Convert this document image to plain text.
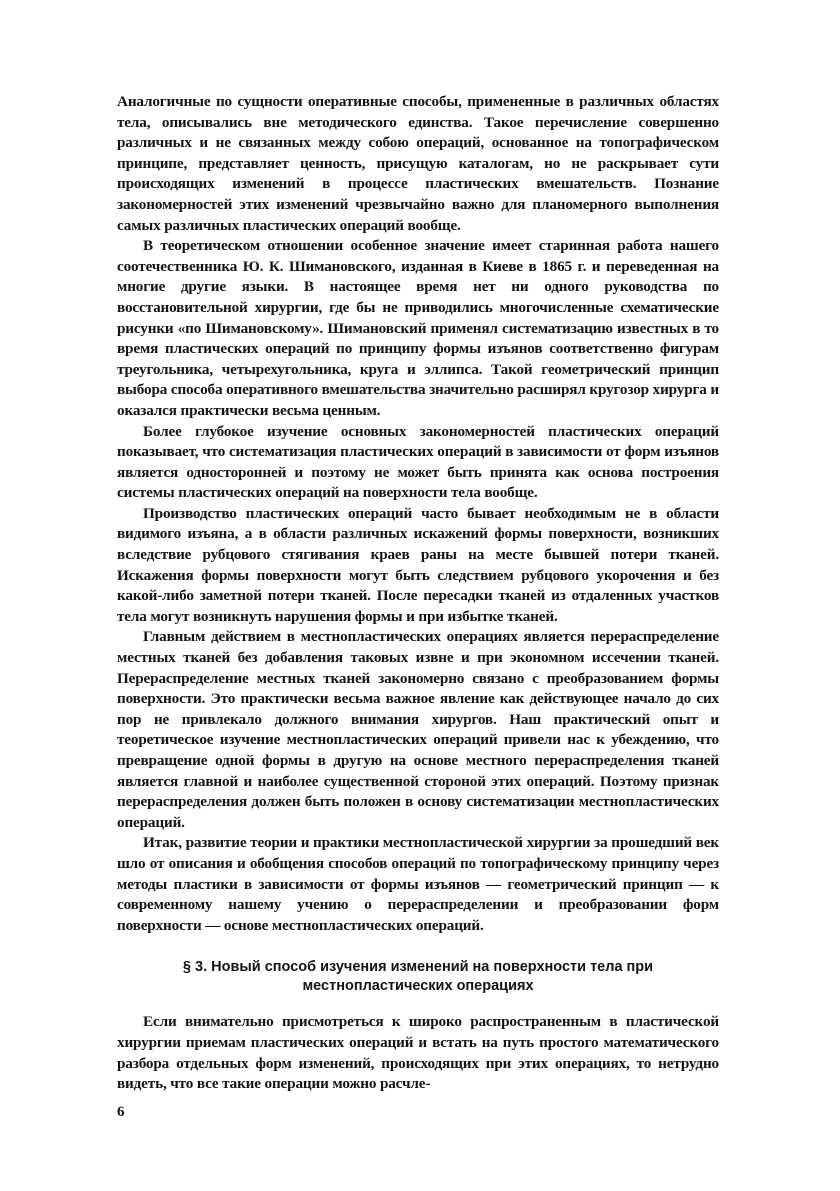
Аналогичные по сущности оперативные способы, примененные в различных областях тела, описывались вне методического единства. Такое перечисление совершенно различных и не связанных между собою операций, основанное на топографическом принципе, представляет ценность, присущую каталогам, но не раскрывает сути происходящих изменений в процессе пластических вмешательств. Познание закономерностей этих изменений чрезвычайно важно для планомерного выполнения самых различных пластических операций вообще.

В теоретическом отношении особенное значение имеет старинная работа нашего соотечественника Ю. К. Шимановского, изданная в Киеве в 1865 г. и переведенная на многие другие языки. В настоящее время нет ни одного руководства по восстановительной хирургии, где бы не приводились многочисленные схематические рисунки «по Шимановскому». Шимановский применял систематизацию известных в то время пластических операций по принципу формы изъянов соответственно фигурам треугольника, четырехугольника, круга и эллипса. Такой геометрический принцип выбора способа оперативного вмешательства значительно расширял кругозор хирурга и оказался практически весьма ценным.

Более глубокое изучение основных закономерностей пластических операций показывает, что систематизация пластических операций в зависимости от форм изъянов является односторонней и поэтому не может быть принята как основа построения системы пластических операций на поверхности тела вообще.

Производство пластических операций часто бывает необходимым не в области видимого изъяна, а в области различных искажений формы поверхности, возникших вследствие рубцового стягивания краев раны на месте бывшей потери тканей. Искажения формы поверхности могут быть следствием рубцового укорочения и без какой-либо заметной потери тканей. После пересадки тканей из отдаленных участков тела могут возникнуть нарушения формы и при избытке тканей.

Главным действием в местнопластических операциях является перераспределение местных тканей без добавления таковых извне и при экономном иссечении тканей. Перераспределение местных тканей закономерно связано с преобразованием формы поверхности. Это практически весьма важное явление как действующее начало до сих пор не привлекало должного внимания хирургов. Наш практический опыт и теоретическое изучение местнопластических операций привели нас к убеждению, что превращение одной формы в другую на основе местного перераспределения тканей является главной и наиболее существенной стороной этих операций. Поэтому признак перераспределения должен быть положен в основу систематизации местнопластических операций.

Итак, развитие теории и практики местнопластической хирургии за прошедший век шло от описания и обобщения способов операций по топографическому принципу через методы пластики в зависимости от формы изъянов — геометрический принцип — к современному нашему учению о перераспределении и преобразовании форм поверхности — основе местнопластических операций.

§ 3. Новый способ изучения изменений на поверхности тела при местнопластических операциях

Если внимательно присмотреться к широко распространенным в пластической хирургии приемам пластических операций и встать на путь простого математического разбора отдельных форм изменений, происходящих при этих операциях, то нетрудно видеть, что все такие операции можно расчле-

6
